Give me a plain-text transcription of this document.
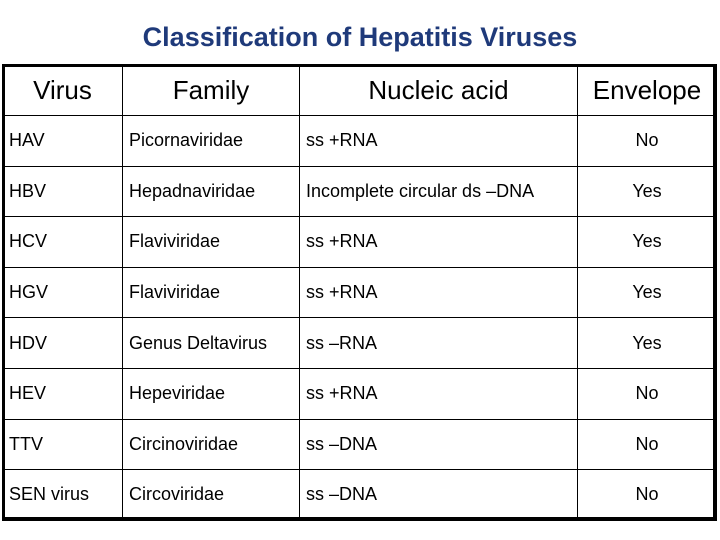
Classification of Hepatitis Viruses
Virus	Family	Nucleic acid	Envelope
HAV	Picornaviridae	ss +RNA	No
HBV	Hepadnaviridae	Incomplete circular ds –DNA	Yes
HCV	Flaviviridae	ss +RNA	Yes
HGV	Flaviviridae	ss +RNA	Yes
HDV	Genus Deltavirus	ss –RNA	Yes
HEV	Hepeviridae	ss +RNA	No
TTV	Circinoviridae	ss –DNA	No
SEN virus	Circoviridae	ss –DNA	No
